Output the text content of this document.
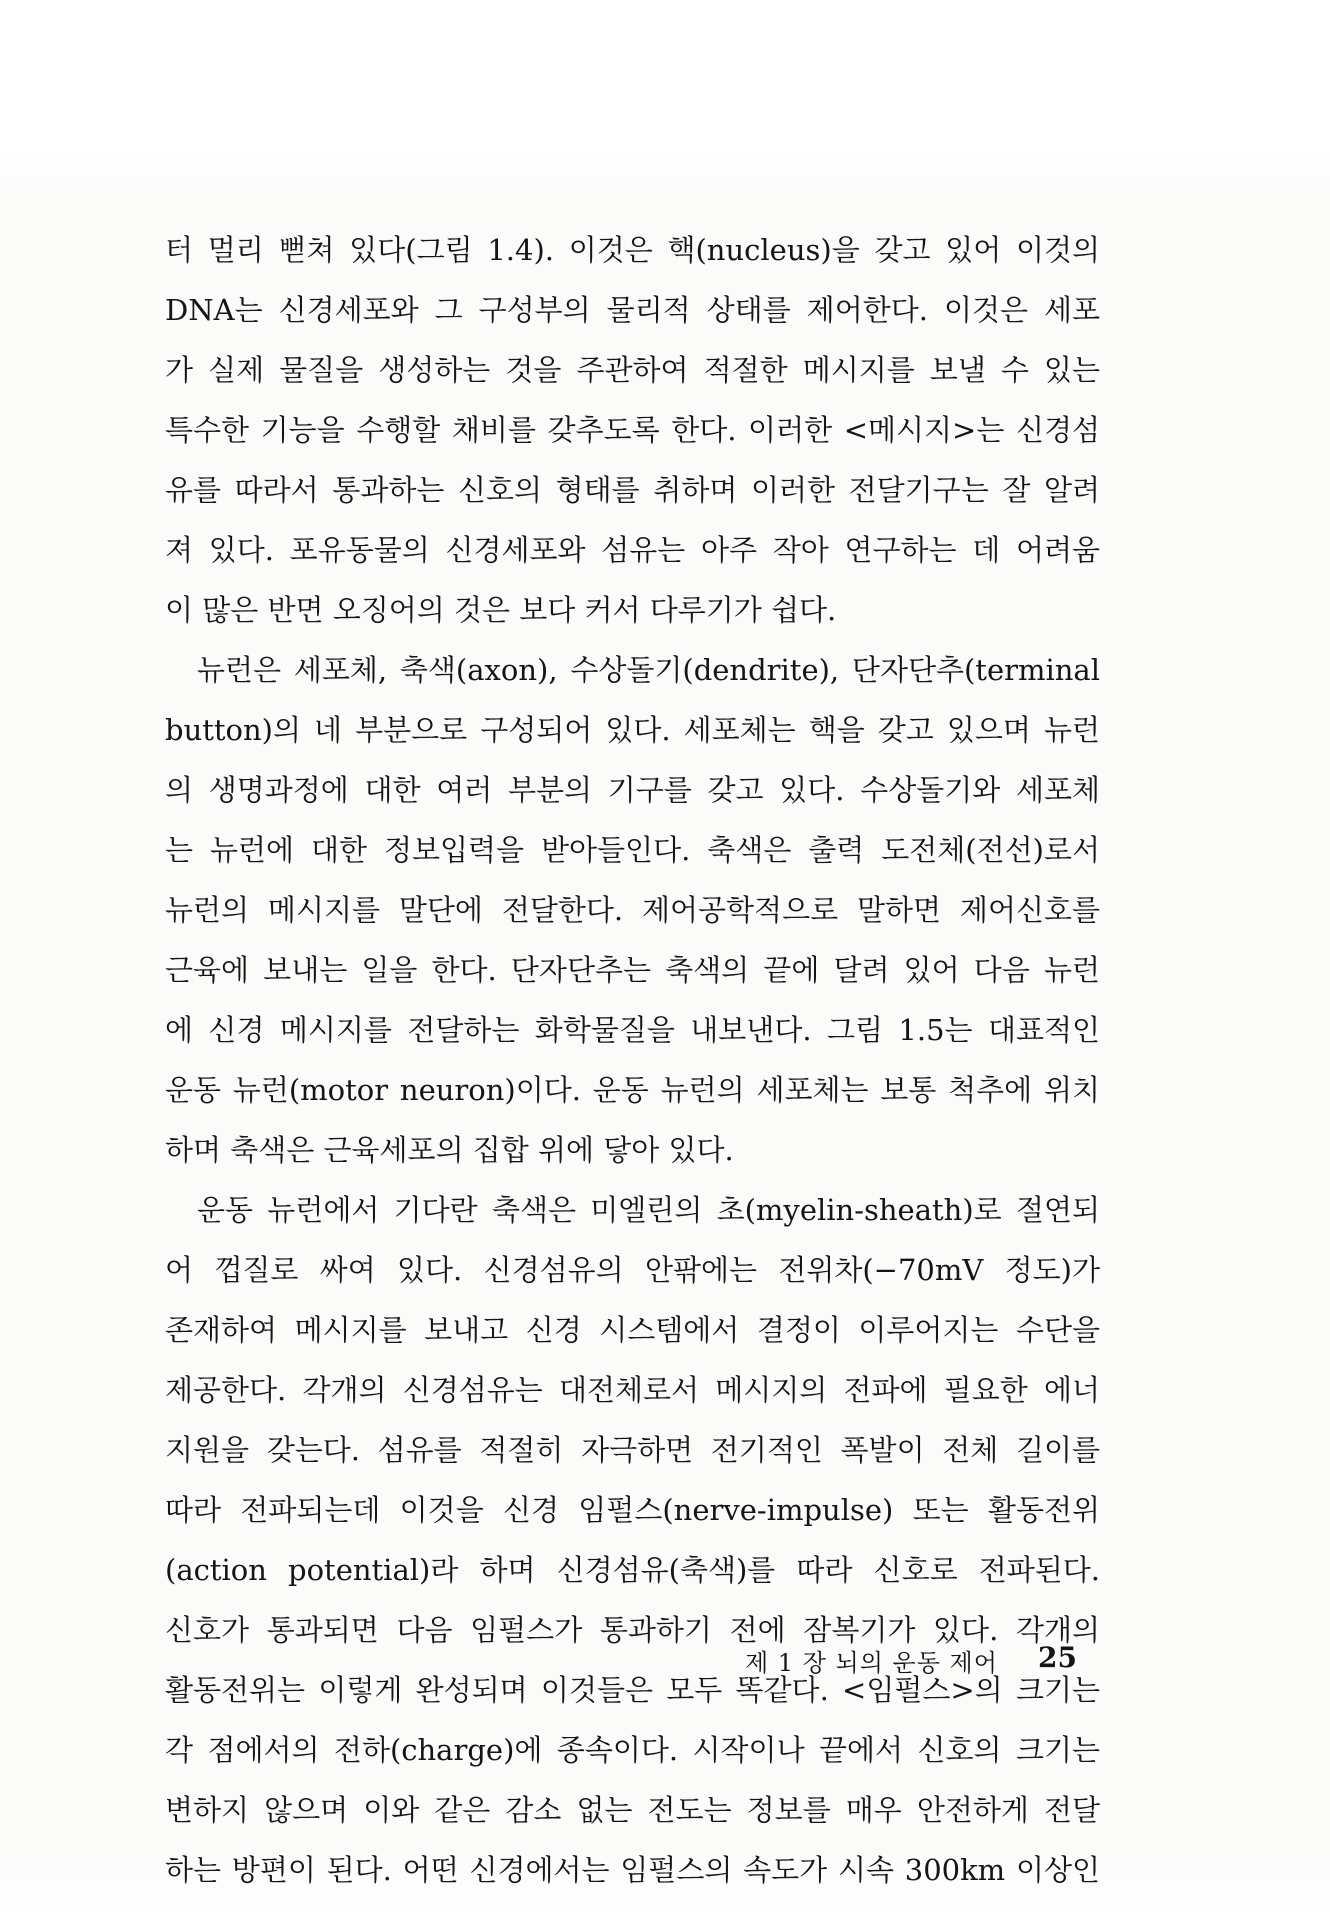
터 멀리 뻗쳐 있다(그림 1.4). 이것은 핵(nucleus)을 갖고 있어 이것의
DNA는 신경세포와 그 구성부의 물리적 상태를 제어한다. 이것은 세포
가 실제 물질을 생성하는 것을 주관하여 적절한 메시지를 보낼 수 있는
특수한 기능을 수행할 채비를 갖추도록 한다. 이러한 <메시지>는 신경섬
유를 따라서 통과하는 신호의 형태를 취하며 이러한 전달기구는 잘 알려
져 있다. 포유동물의 신경세포와 섬유는 아주 작아 연구하는 데 어려움
이 많은 반면 오징어의 것은 보다 커서 다루기가 쉽다.
뉴런은 세포체, 축색(axon), 수상돌기(dendrite), 단자단추(terminal
button)의 네 부분으로 구성되어 있다. 세포체는 핵을 갖고 있으며 뉴런
의 생명과정에 대한 여러 부분의 기구를 갖고 있다. 수상돌기와 세포체
는 뉴런에 대한 정보입력을 받아들인다. 축색은 출력 도전체(전선)로서
뉴런의 메시지를 말단에 전달한다. 제어공학적으로 말하면 제어신호를
근육에 보내는 일을 한다. 단자단추는 축색의 끝에 달려 있어 다음 뉴런
에 신경 메시지를 전달하는 화학물질을 내보낸다. 그림 1.5는 대표적인
운동 뉴런(motor neuron)이다. 운동 뉴런의 세포체는 보통 척추에 위치
하며 축색은 근육세포의 집합 위에 닿아 있다.
운동 뉴런에서 기다란 축색은 미엘린의 초(myelin-sheath)로 절연되
어 껍질로 싸여 있다. 신경섬유의 안팎에는 전위차(−70mV 정도)가
존재하여 메시지를 보내고 신경 시스템에서 결정이 이루어지는 수단을
제공한다. 각개의 신경섬유는 대전체로서 메시지의 전파에 필요한 에너
지원을 갖는다. 섬유를 적절히 자극하면 전기적인 폭발이 전체 길이를
따라 전파되는데 이것을 신경 임펄스(nerve-impulse) 또는 활동전위
(action potential)라 하며 신경섬유(축색)를 따라 신호로 전파된다.
신호가 통과되면 다음 임펄스가 통과하기 전에 잠복기가 있다. 각개의
활동전위는 이렇게 완성되며 이것들은 모두 똑같다. <임펄스>의 크기는
각 점에서의 전하(charge)에 종속이다. 시작이나 끝에서 신호의 크기는
변하지 않으며 이와 같은 감소 없는 전도는 정보를 매우 안전하게 전달
하는 방편이 된다. 어떤 신경에서는 임펄스의 속도가 시속 300km 이상인
제 1 장 뇌의 운동 제어 25
